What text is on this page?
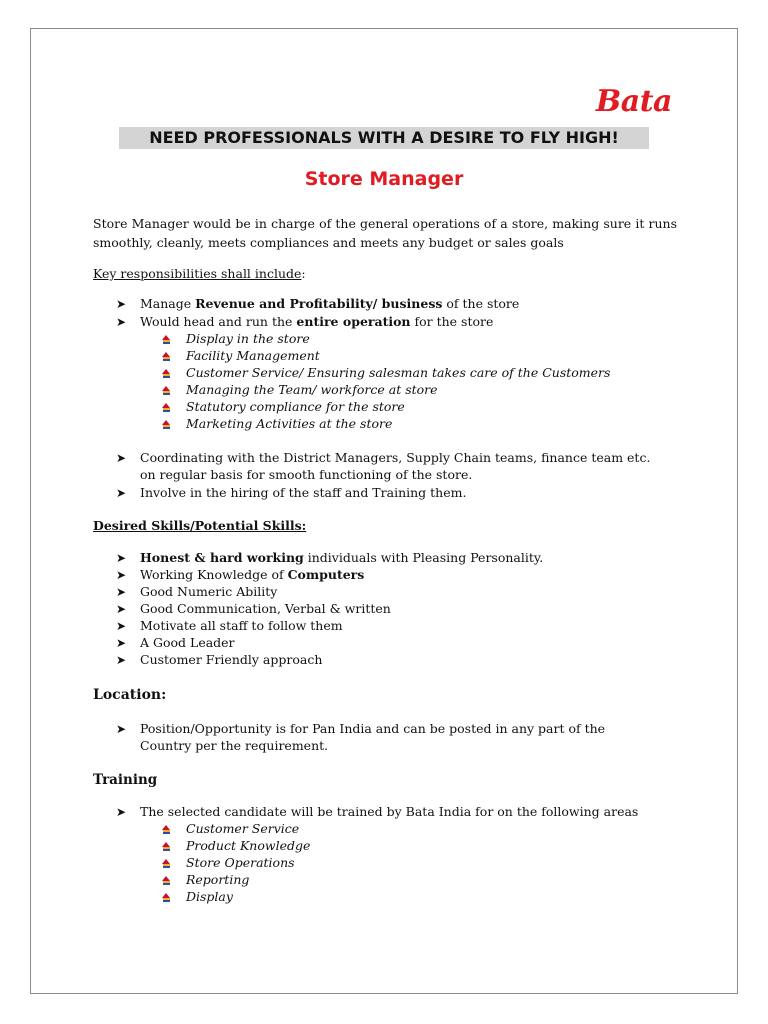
Bata
NEED PROFESSIONALS WITH A DESIRE TO FLY HIGH!
Store Manager
Store Manager would be in charge of the general operations of a store, making sure it runs smoothly, cleanly, meets compliances and meets any budget or sales goals
Key responsibilities shall include:
➤ Manage Revenue and Profitability/ business of the store
➤ Would head and run the entire operation for the store
Display in the store
Facility Management
Customer Service/ Ensuring salesman takes care of the Customers
Managing the Team/ workforce at store
Statutory compliance for the store
Marketing Activities at the store
➤ Coordinating with the District Managers, Supply Chain teams, finance team etc.
on regular basis for smooth functioning of the store.
➤ Involve in the hiring of the staff and Training them.
Desired Skills/Potential Skills:
➤ Honest & hard working individuals with Pleasing Personality.
➤ Working Knowledge of Computers
➤ Good Numeric Ability
➤ Good Communication, Verbal & written
➤ Motivate all staff to follow them
➤ A Good Leader
➤ Customer Friendly approach
Location:
➤ Position/Opportunity is for Pan India and can be posted in any part of the
Country per the requirement.
Training
➤ The selected candidate will be trained by Bata India for on the following areas
Customer Service
Product Knowledge
Store Operations
Reporting
Display
